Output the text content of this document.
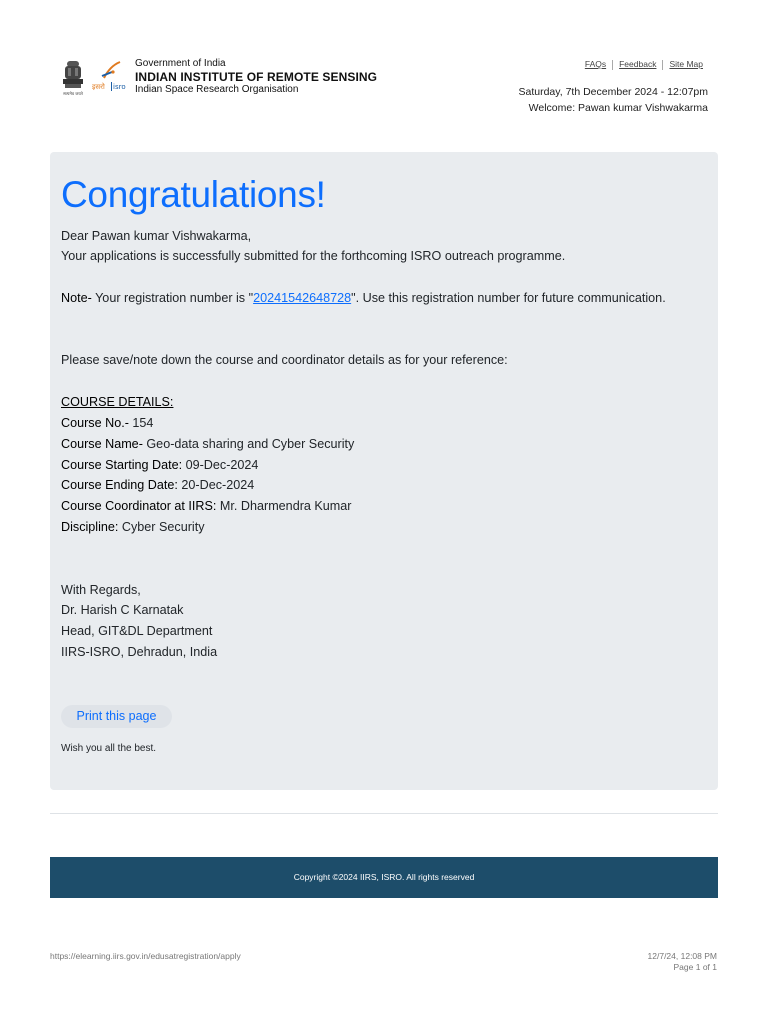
सत्यमेव जयते
इसरो isro
Government of India
INDIAN INSTITUTE OF REMOTE SENSING
Indian Space Research Organisation
FAQs Feedback Site Map
Saturday, 7th December 2024 - 12:07pm
Welcome: Pawan kumar Vishwakarma
Congratulations!
Dear Pawan kumar Vishwakarma,
Your applications is successfully submitted for the forthcoming ISRO outreach programme.
Note- Your registration number is "20241542648728". Use this registration number for future communication.
Please save/note down the course and coordinator details as for your reference:
COURSE DETAILS:
Course No.- 154
Course Name- Geo-data sharing and Cyber Security
Course Starting Date: 09-Dec-2024
Course Ending Date: 20-Dec-2024
Course Coordinator at IIRS: Mr. Dharmendra Kumar
Discipline: Cyber Security
With Regards,
Dr. Harish C Karnatak
Head, GIT&DL Department
IIRS-ISRO, Dehradun, India
Print this page
Wish you all the best.
Copyright ©2024 IIRS, ISRO. All rights reserved
https://elearning.iirs.gov.in/edusatregistration/apply	12/7/24, 12:08 PM
Page 1 of 1
